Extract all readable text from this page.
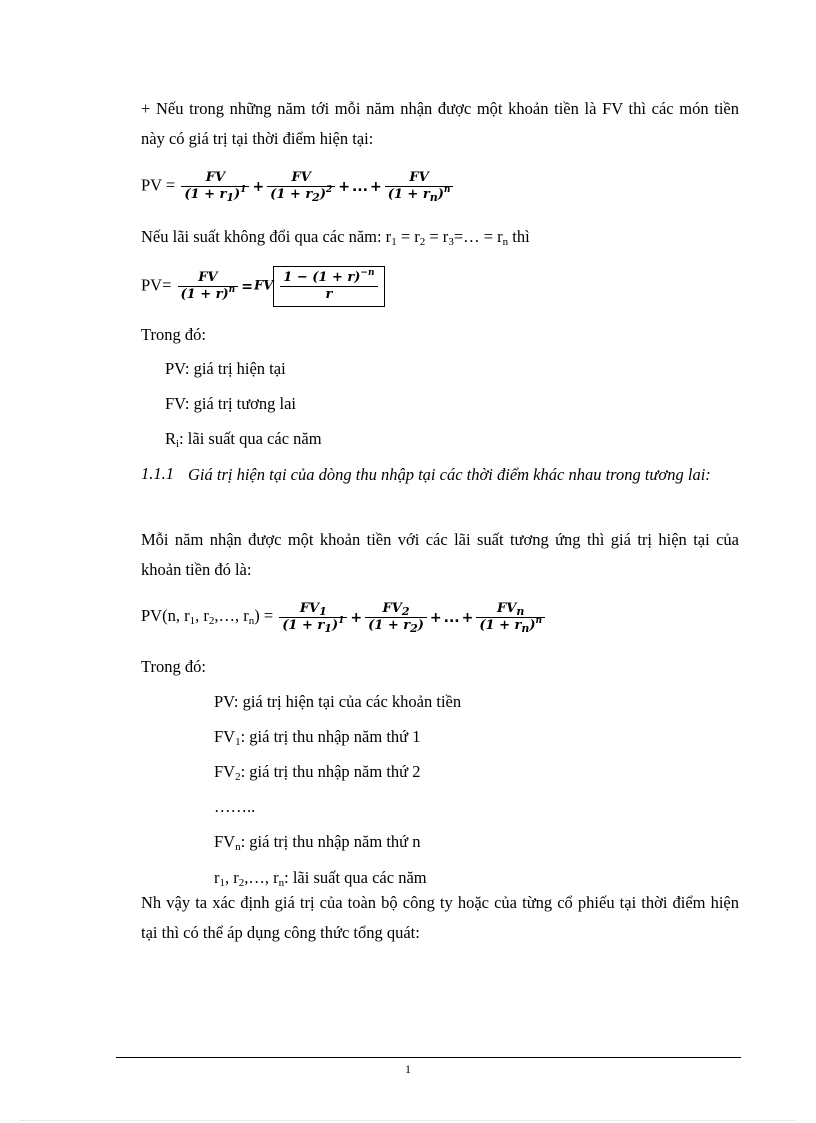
+ Nếu trong những năm tới mỗi năm nhận được một khoản tiền là FV thì các món tiền này có giá trị tại thời điểm hiện tại:
PV = $\frac{FV}{(1 + r_1)^1} + \frac{FV}{(1 + r_2)^2}$ + ... + $\frac{FV}{(1 + r_n)^n}$
Nếu lãi suất không đổi qua các năm: $r_1 = r_2$ = $r_3=\dots = r_n$ thì
$PV= \frac{FV}{(1 + r)^n} =FV \frac{1 - (1 + r)^{-n}}{r}$
Trong đó:
PV: giá trị hiện tại
FV: giá trị tương lai
$R_i$: lãi suất qua các năm
1.1.1 Giá trị hiện tại của dòng thu nhập tại các thời điểm khác nhau trong tương lai:
Mỗi năm nhận được một khoản tiền với các lãi suất tương ứng thì giá trị hiện tại của khoản tiền đó là:
PV(n, $r_1$, $r_2,\dots$, $r_n) = \frac{FV_1}{(1 + r_1)^1} + \frac{FV_2}{(1 + r_2)}$ + ... + $\frac{FV_n}{(1 + r_n)^n}$
Trong đó:
PV: giá trị hiện tại của các khoản tiền
$FV_1$: giá trị thu nhập năm thứ 1
$FV_2$: giá trị thu nhập năm thứ 2
……..
$FV_n$: giá trị thu nhập năm thứ n
$r_1$, $r_2,\dots$, $r_n$: lãi suất qua các năm
Nh vậy ta xác định giá trị của toàn bộ công ty hoặc của từng cổ phiếu tại thời điểm hiện tại thì có thể áp dụng công thức tổng quát:
1
